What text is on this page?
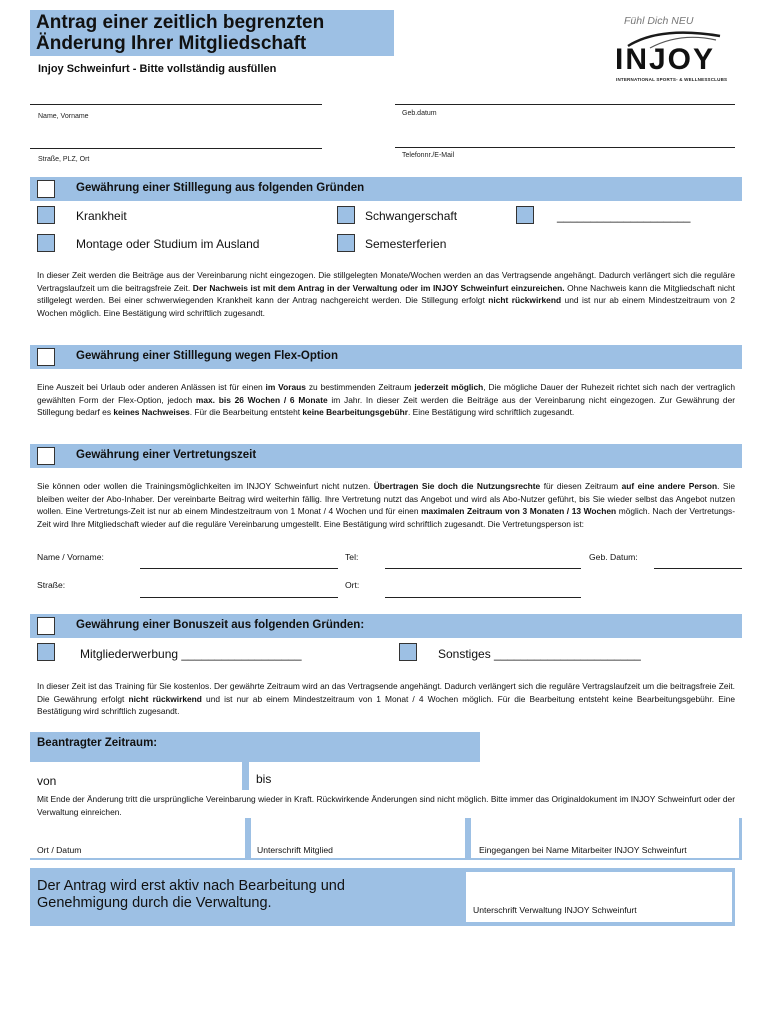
Antrag einer zeitlich begrenzten
Änderung Ihrer Mitgliedschaft
Injoy Schweinfurt - Bitte vollständig ausfüllen
Fühl Dich NEU
INJOY
INTERNATIONAL SPORTS- & WELLNESSCLUBS
Name, Vorname	Geb.datum
Straße, PLZ, Ort
Telefonnr./E-Mail
Gewährung einer Stilllegung aus folgenden Gründen
Krankheit	Schwangerschaft	____________________
Montage oder Studium im Ausland	Semesterferien
In dieser Zeit werden die Beiträge aus der Vereinbarung nicht eingezogen. Die stillgelegten Monate/Wochen werden an das Vertragsende angehängt. Dadurch verlängert sich die reguläre Vertragslaufzeit um die beitragsfreie Zeit. Der Nachweis ist mit dem Antrag in der Verwaltung oder im INJOY Schweinfurt einzureichen. Ohne Nachweis kann die Mitgliedschaft nicht stillgelegt werden. Bei einer schwerwiegenden Krankheit kann der Antrag nachgereicht werden. Die Stillegung erfolgt nicht rückwirkend und ist nur ab einem Mindestzeitraum von 2 Wochen möglich. Eine Bestätigung wird schriftlich zugesandt.
Gewährung einer Stilllegung wegen Flex-Option
Eine Auszeit bei Urlaub oder anderen Anlässen ist für einen im Voraus zu bestimmenden Zeitraum jederzeit möglich, Die mögliche Dauer der Ruhezeit richtet sich nach der vertraglich gewählten Form der Flex-Option, jedoch max. bis 26 Wochen / 6 Monate im Jahr. In dieser Zeit werden die Beiträge aus der Vereinbarung nicht eingezogen. Zur Gewährung der Stillegung bedarf es keines Nachweises. Für die Bearbeitung entsteht keine Bearbeitungsgebühr. Eine Bestätigung wird schriftlich zugesandt.
Gewährung einer Vertretungszeit
Sie können oder wollen die Trainingsmöglichkeiten im INJOY Schweinfurt nicht nutzen. Übertragen Sie doch die Nutzungsrechte für diesen Zeitraum auf eine andere Person. Sie bleiben weiter der Abo-Inhaber. Der vereinbarte Beitrag wird weiterhin fällig. Ihre Vertretung nutzt das Angebot und wird als Abo-Nutzer geführt, bis Sie wieder selbst das Angebot nutzen wollen. Eine Vertretungs-Zeit ist nur ab einem Mindestzeitraum von 1 Monat / 4 Wochen und für einen maximalen Zeitraum von 3 Monaten / 13 Wochen möglich. Nach der Vertretungs-Zeit wird Ihre Mitgliedschaft wieder auf die reguläre Vereinbarung umgestellt. Eine Bestätigung wird schriftlich zugesandt. Die Vertretungsperson ist:
Name / Vorname:	Tel:	Geb. Datum:
Straße:	Ort:
Gewährung einer Bonuszeit aus folgenden Gründen:
Mitgliederwerbung __________________	Sonstiges ______________________
In dieser Zeit ist das Training für Sie kostenlos. Der gewährte Zeitraum wird an das Vertragsende angehängt. Dadurch verlängert sich die reguläre Vertragslaufzeit um die beitragsfreie Zeit. Die Gewährung erfolgt nicht rückwirkend und ist nur ab einem Mindestzeitraum von 1 Monat / 4 Wochen möglich. Für die Bearbeitung entsteht keine Bearbeitungsgebühr. Eine Bestätigung wird schriftlich zugesandt.
Beantragter Zeitraum:
von	bis
Mit Ende der Änderung tritt die ursprüngliche Vereinbarung wieder in Kraft. Rückwirkende Änderungen sind nicht möglich. Bitte immer das Originaldokument im INJOY Schweinfurt oder der Verwaltung einreichen.
Ort / Datum	Unterschrift Mitglied	Eingegangen bei Name Mitarbeiter INJOY Schweinfurt
Der Antrag wird erst aktiv nach Bearbeitung und
Genehmigung durch die Verwaltung.	Unterschrift Verwaltung INJOY Schweinfurt
